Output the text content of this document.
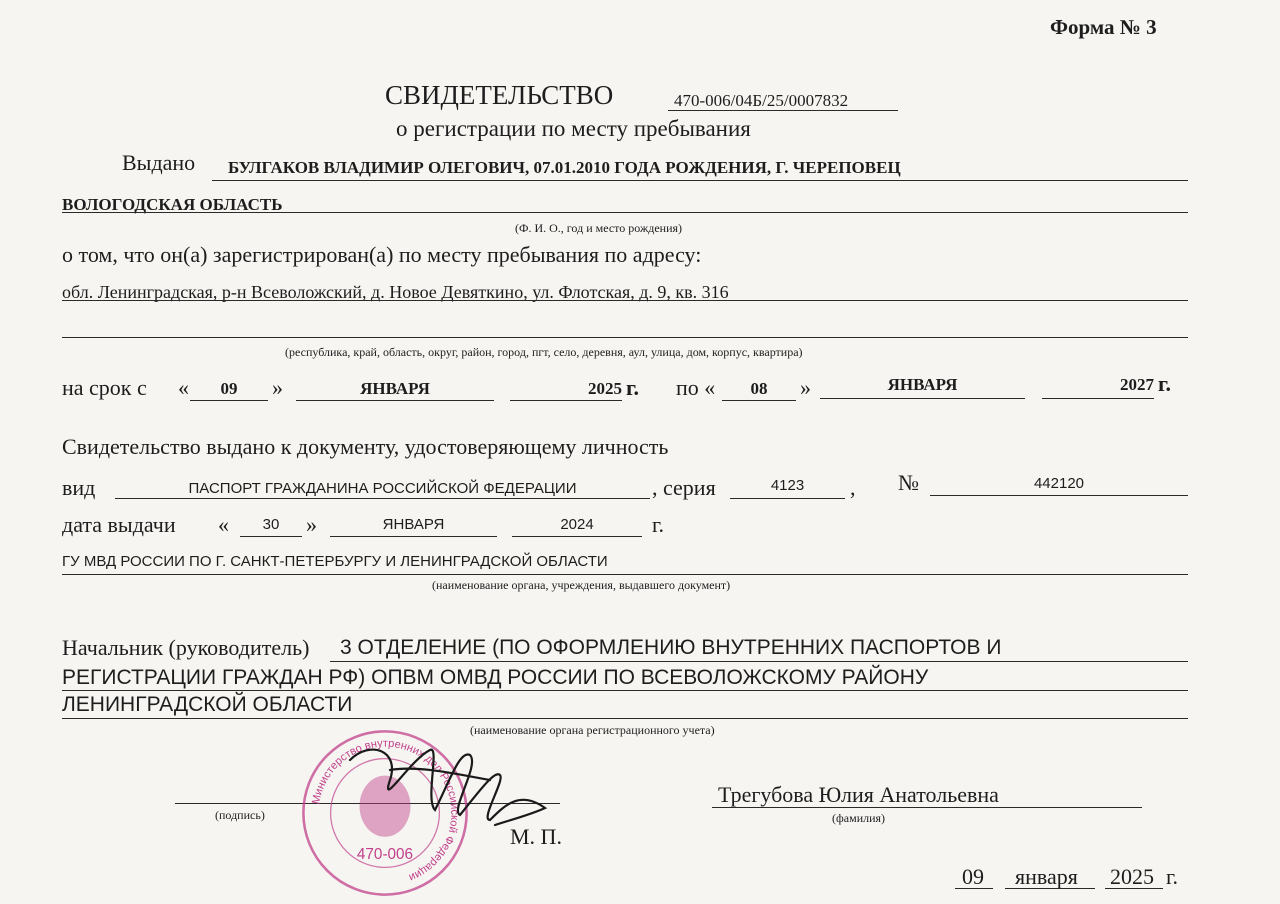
Форма № 3
СВИДЕТЕЛЬСТВО	470-006/04Б/25/0007832
о регистрации по месту пребывания
Выдано БУЛГАКОВ ВЛАДИМИР ОЛЕГОВИЧ, 07.01.2010 ГОДА РОЖДЕНИЯ, Г. ЧЕРЕПОВЕЦ
ВОЛОГОДСКАЯ ОБЛАСТЬ
(Ф. И. О., год и место рождения)
о том, что он(а) зарегистрирован(а) по месту пребывания по адресу:
обл. Ленинградская, р-н Всеволожский, д. Новое Девяткино, ул. Флотская, д. 9, кв. 316
(республика, край, область, округ, район, город, пгт, село, деревня, аул, улица, дом, корпус, квартира)
на срок с «	09	»	ЯНВАРЯ	2025 г. по «	08	»	ЯНВАРЯ	2027 г.
Свидетельство выдано к документу, удостоверяющему личность
вид	ПАСПОРТ ГРАЖДАНИНА РОССИЙСКОЙ ФЕДЕРАЦИИ	, серия	4123	, №	442120
дата выдачи «	30	»	ЯНВАРЯ	2024	г.
ГУ МВД РОССИИ ПО Г. САНКТ-ПЕТЕРБУРГУ И ЛЕНИНГРАДСКОЙ ОБЛАСТИ
(наименование органа, учреждения, выдавшего документ)
Начальник (руководитель) 3 ОТДЕЛЕНИЕ (ПО ОФОРМЛЕНИЮ ВНУТРЕННИХ ПАСПОРТОВ И
РЕГИСТРАЦИИ ГРАЖДАН РФ) ОПВМ ОМВД РОССИИ ПО ВСЕВОЛОЖСКОМУ РАЙОНУ
ЛЕНИНГРАДСКОЙ ОБЛАСТИ
(наименование органа регистрационного учета)
(подпись)
М. П.
Министерство внутренних дел Российской Федерации
470-006
Трегубова Юлия Анатольевна
(фамилия)
09 января 2025 г.
